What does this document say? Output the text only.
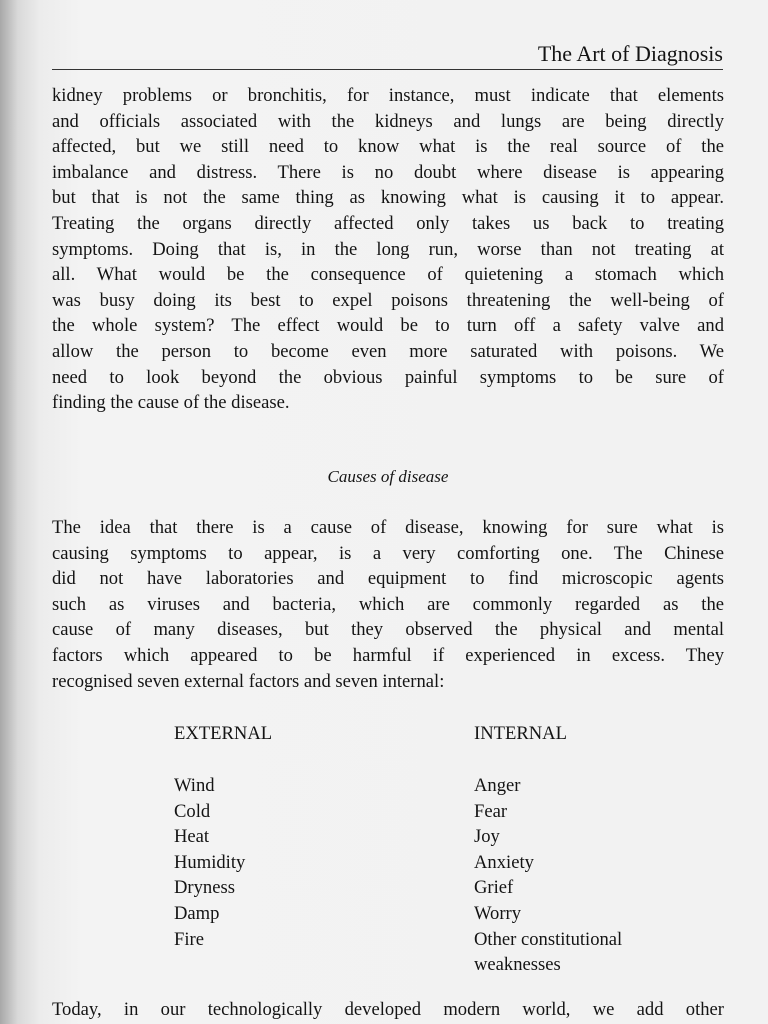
The Art of Diagnosis
kidney problems or bronchitis, for instance, must indicate that elements
and officials associated with the kidneys and lungs are being directly
affected, but we still need to know what is the real source of the
imbalance and distress. There is no doubt where disease is appearing
but that is not the same thing as knowing what is causing it to appear.
Treating the organs directly affected only takes us back to treating
symptoms. Doing that is, in the long run, worse than not treating at
all. What would be the consequence of quietening a stomach which
was busy doing its best to expel poisons threatening the well-being of
the whole system? The effect would be to turn off a safety valve and
allow the person to become even more saturated with poisons. We
need to look beyond the obvious painful symptoms to be sure of
finding the cause of the disease.
Causes of disease
The idea that there is a cause of disease, knowing for sure what is
causing symptoms to appear, is a very comforting one. The Chinese
did not have laboratories and equipment to find microscopic agents
such as viruses and bacteria, which are commonly regarded as the
cause of many diseases, but they observed the physical and mental
factors which appeared to be harmful if experienced in excess. They
recognised seven external factors and seven internal:
EXTERNAL	INTERNAL
Wind
Cold
Heat
Humidity
Dryness
Damp
Fire
Anger
Fear
Joy
Anxiety
Grief
Worry
Other constitutional
weaknesses
Today, in our technologically developed modern world, we add other
